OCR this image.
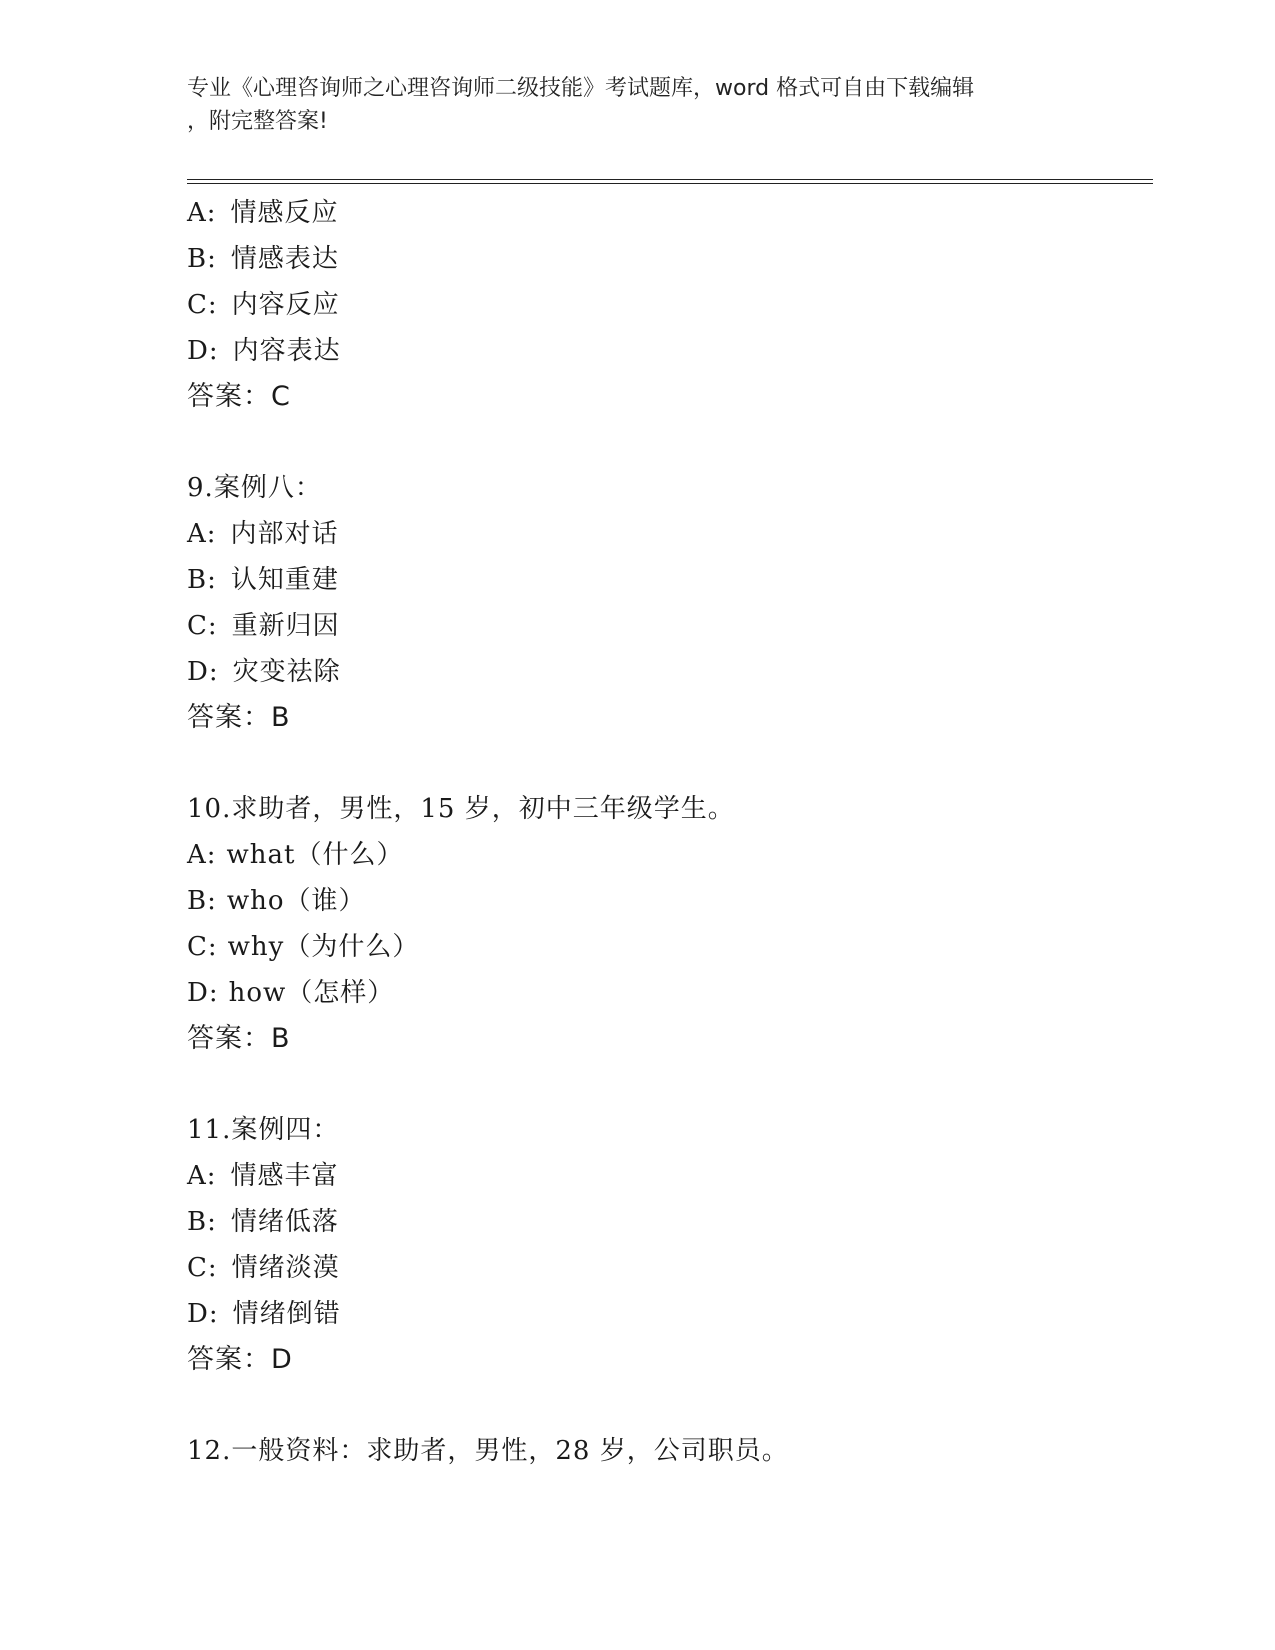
专业《心理咨询师之心理咨询师二级技能》考试题库，word 格式可自由下载编辑
，附完整答案!
A: 情感反应
B: 情感表达
C: 内容反应
D: 内容表达
答案：C
9.案例八：
A: 内部对话
B: 认知重建
C: 重新归因
D: 灾变祛除
答案：B
10.求助者，男性，15 岁，初中三年级学生。
A: what（什么）
B: who（谁）
C: why（为什么）
D: how（怎样）
答案：B
11.案例四：
A: 情感丰富
B: 情绪低落
C: 情绪淡漠
D: 情绪倒错
答案：D
12.一般资料：求助者，男性，28 岁，公司职员。
